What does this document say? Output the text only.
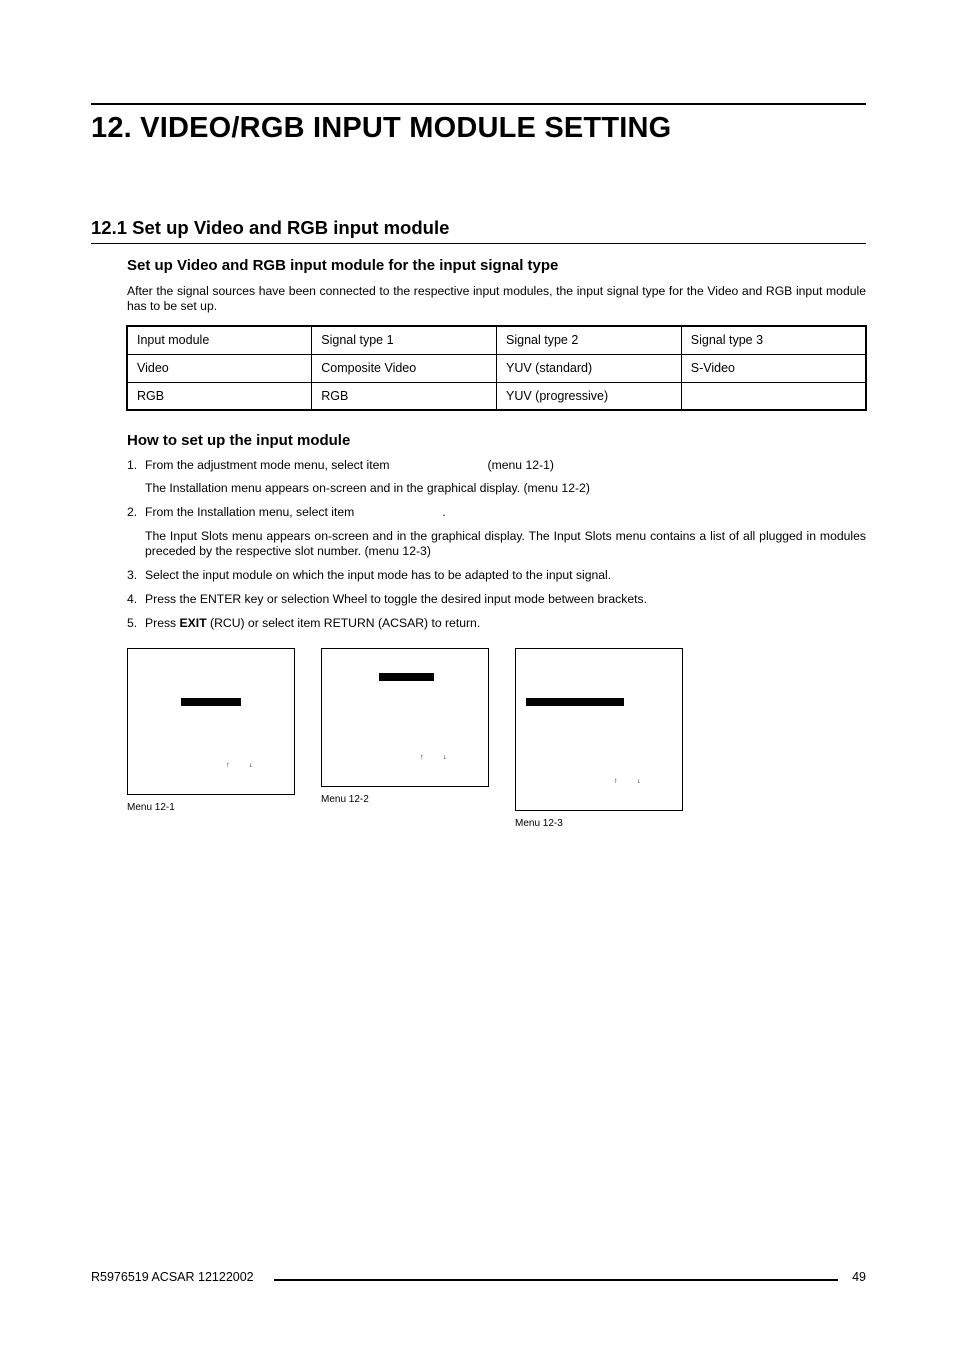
12. VIDEO/RGB INPUT MODULE SETTING
12.1 Set up Video and RGB input module
Set up Video and RGB input module for the input signal type

After the signal sources have been connected to the respective input modules, the input signal type for the Video and RGB input module has to be set up.

Input module	Signal type 1	Signal type 2	Signal type 3
Video	Composite Video	YUV (standard)	S-Video
RGB	RGB	YUV (progressive)	
How to set up the input module
1. From the adjustment mode menu, select item	(menu 12-1)
The Installation menu appears on-screen and in the graphical display. (menu 12-2)
2. From the Installation menu, select item	.
The Input Slots menu appears on-screen and in the graphical display. The Input Slots menu contains a list of all plugged in modules preceded by the respective slot number. (menu 12-3)
3. Select the input module on which the input mode has to be adapted to the input signal.
4. Press the ENTER key or selection Wheel to toggle the desired input mode between brackets.
5. Press EXIT (RCU) or select item RETURN (ACSAR) to return.
↑	↓
Menu 12-1
↑	↓
Menu 12-2
↑	↓
Menu 12-3
R5976519 ACSAR 12122002	49
